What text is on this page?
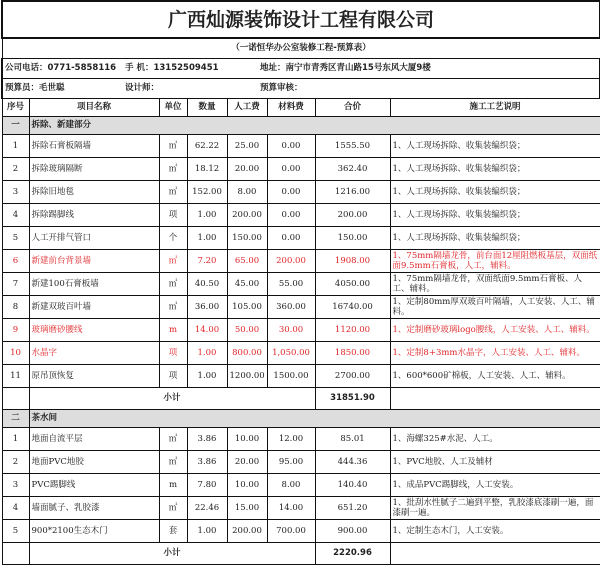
广西灿源装饰设计工程有限公司							
（一诺恒华办公室装修工程-预算表）							
公司电话：0771-5858116 手 机：13152509451 地址：南宁市青秀区青山路15号东风大厦9楼							
预算员：毛世聪 设计师： 预算审核：							
序号	项目名称	单位	数量	人工费	材料费	合价	施工工艺说明
一	拆除、新建部分						
1	拆除石膏板隔墙	㎡	62.22	25.00	0.00	1555.50	1、人工现场拆除、收集装编织袋；
2	拆除玻璃隔断	㎡	18.12	20.00	0.00	362.40	1、人工现场拆除、收集装编织袋；
3	拆除旧地毯	㎡	152.00	8.00	0.00	1216.00	1、人工现场拆除、收集装编织袋；
4	拆除踢脚线	项	1.00	200.00	0.00	200.00	1、人工现场拆除、收集装编织袋；
5	人工开排气管口	个	1.00	150.00	0.00	150.00	1、人工现场拆除、收集装编织袋；
6	新建前台背景墙	㎡	7.20	65.00	200.00	1908.00	1、75mm隔墙龙骨，前台面12厘阻燃板基层，双面纸面9.5mm石膏板，人工，辅料。
7	新建100石膏板墙	㎡	40.50	45.00	55.00	4050.00	1、75mm隔墙龙骨，双面纸面9.5mm石膏板、人工、辅料。
8	新建双玻百叶墙	㎡	36.00	105.00	360.00	16740.00	1、定制80mm厚双玻百叶隔墙，人工安装、人工、辅料。
9	玻璃磨砂腰线	m	14.00	50.00	30.00	1120.00	1、定制磨砂玻璃logo腰线，人工安装、人工、辅料。
10	水晶字	项	1.00	800.00	1,050.00	1850.00	1、定制8+3mm水晶字，人工安装、人工、辅料。
11	原吊顶恢复	项	1.00	1200.00	1500.00	2700.00	1、600*600矿棉板，人工安装、人工、辅料。
	小计					31851.90	
二	茶水间						
1	地面自流平层	㎡	3.86	10.00	12.00	85.01	1、海螺325#水泥、人工。
2	地面PVC地胶	㎡	3.86	20.00	95.00	444.36	1、PVC地胶、人工及辅材
3	PVC踢脚线	m	7.80	10.00	8.00	140.40	1、成品PVC踢脚线，人工安装。
4	墙面腻子、乳胶漆	㎡	22.46	15.00	14.00	651.20	1、批刮水性腻子二遍到平整，乳胶漆底漆刷一遍，面漆刷一遍。
5	900*2100生态木门	套	1.00	200.00	700.00	900.00	1、定制生态木门，人工安装。
	小计					2220.96	
